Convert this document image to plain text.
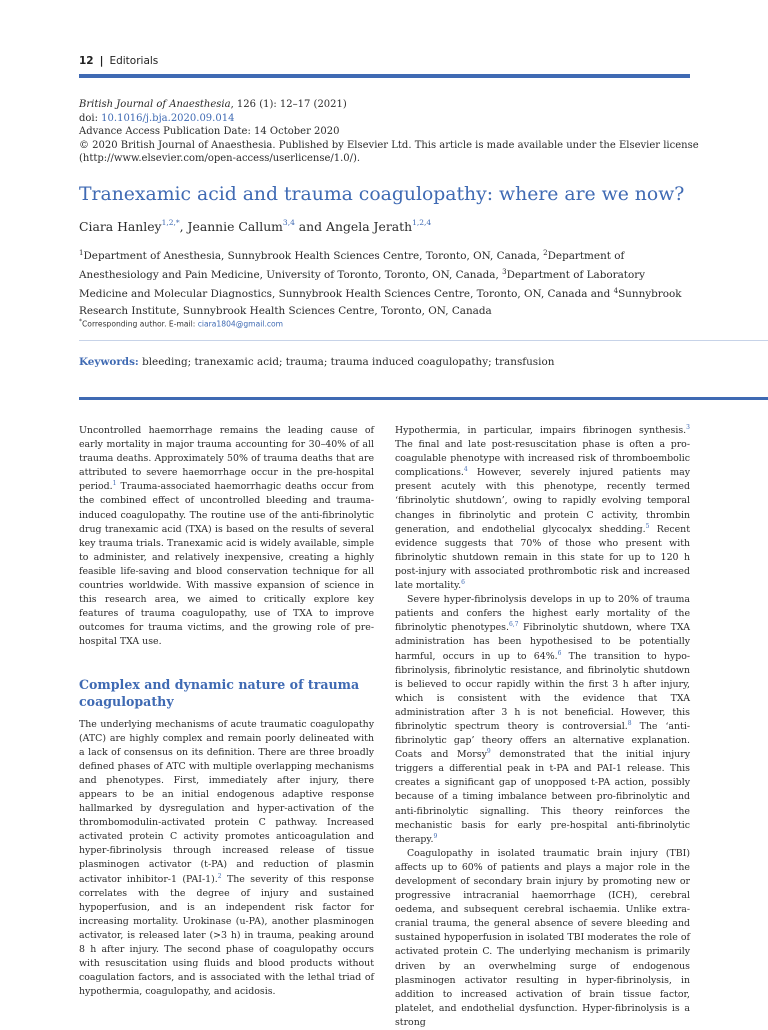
12 | Editorials
British Journal of Anaesthesia, 126 (1): 12–17 (2021)
doi: 10.1016/j.bja.2020.09.014
Advance Access Publication Date: 14 October 2020
© 2020 British Journal of Anaesthesia. Published by Elsevier Ltd. This article is made available under the Elsevier license (http://www.elsevier.com/open-access/userlicense/1.0/).
Tranexamic acid and trauma coagulopathy: where are we now?
Ciara Hanley$^{1,2,*}$, Jeannie Callum$^{3,4}$ and Angela Jerath$^{1,2,4}$
$^1$Department of Anesthesia, Sunnybrook Health Sciences Centre, Toronto, ON, Canada, $^2$Department of Anesthesiology and Pain Medicine, University of Toronto, Toronto, ON, Canada, $^3$Department of Laboratory Medicine and Molecular Diagnostics, Sunnybrook Health Sciences Centre, Toronto, ON, Canada and $^4$Sunnybrook Research Institute, Sunnybrook Health Sciences Centre, Toronto, ON, Canada
*Corresponding author. E-mail: ciara1804@gmail.com
Keywords: bleeding; tranexamic acid; trauma; trauma induced coagulopathy; transfusion

Uncontrolled haemorrhage remains the leading cause of early mortality in major trauma accounting for 30–40% of all trauma deaths. Approximately 50% of trauma deaths that are attributed to severe haemorrhage occur in the pre-hospital period.$^1$ Trauma-associated haemorrhagic deaths occur from the combined effect of uncontrolled bleeding and trauma-induced coagulopathy. The routine use of the anti-fibrinolytic drug tranexamic acid (TXA) is based on the results of several key trauma trials. Tranexamic acid is widely available, simple to administer, and relatively inexpensive, creating a highly feasible life-saving and blood conservation technique for all countries worldwide. With massive expansion of science in this research area, we aimed to critically explore key features of trauma coagulopathy, use of TXA to improve outcomes for trauma victims, and the growing role of pre-hospital TXA use.

Complex and dynamic nature of trauma coagulopathy

The underlying mechanisms of acute traumatic coagulopathy (ATC) are highly complex and remain poorly delineated with a lack of consensus on its definition. There are three broadly defined phases of ATC with multiple overlapping mechanisms and phenotypes. First, immediately after injury, there appears to be an initial endogenous adaptive response hallmarked by dysregulation and hyper-activation of the thrombomodulin-activated protein C pathway. Increased activated protein C activity promotes anticoagulation and hyper-fibrinolysis through increased release of tissue plasminogen activator (t-PA) and reduction of plasmin activator inhibitor-1 (PAI-1).$^2$ The severity of this response correlates with the degree of injury and sustained hypoperfusion, and is an independent risk factor for increasing mortality. Urokinase (u-PA), another plasminogen activator, is released later (>3 h) in trauma, peaking around 8 h after injury. The second phase of coagulopathy occurs with resuscitation using fluids and blood products without coagulation factors, and is associated with the lethal triad of hypothermia, coagulopathy, and acidosis.

Hypothermia, in particular, impairs fibrinogen synthesis.$^3$ The final and late post-resuscitation phase is often a pro-coagulable phenotype with increased risk of thromboembolic complications.$^4$ However, severely injured patients may present acutely with this phenotype, recently termed ‘fibrinolytic shutdown’, owing to rapidly evolving temporal changes in fibrinolytic and protein C activity, thrombin generation, and endothelial glycocalyx shedding.$^5$ Recent evidence suggests that 70% of those who present with fibrinolytic shutdown remain in this state for up to 120 h post-injury with associated prothrombotic risk and increased late mortality.$^6$

Severe hyper-fibrinolysis develops in up to 20% of trauma patients and confers the highest early mortality of the fibrinolytic phenotypes.$^{6,7}$ Fibrinolytic shutdown, where TXA administration has been hypothesised to be potentially harmful, occurs in up to 64%.$^6$ The transition to hypo-fibrinolysis, fibrinolytic resistance, and fibrinolytic shutdown is believed to occur rapidly within the first 3 h after injury, which is consistent with the evidence that TXA administration after 3 h is not beneficial. However, this fibrinolytic spectrum theory is controversial.$^8$ The ‘anti-fibrinolytic gap’ theory offers an alternative explanation. Coats and Morsy$^9$ demonstrated that the initial injury triggers a differential peak in t-PA and PAI-1 release. This creates a significant gap of unopposed t-PA action, possibly because of a timing imbalance between pro-fibrinolytic and anti-fibrinolytic signalling. This theory reinforces the mechanistic basis for early pre-hospital anti-fibrinolytic therapy.$^9$

Coagulopathy in isolated traumatic brain injury (TBI) affects up to 60% of patients and plays a major role in the development of secondary brain injury by promoting new or progressive intracranial haemorrhage (ICH), cerebral oedema, and subsequent cerebral ischaemia. Unlike extra-cranial trauma, the general absence of severe bleeding and sustained hypoperfusion in isolated TBI moderates the role of activated protein C. The underlying mechanism is primarily driven by an overwhelming surge of endogenous plasminogen activator resulting in hyper-fibrinolysis, in addition to increased activation of brain tissue factor, platelet, and endothelial dysfunction. Hyper-fibrinolysis is a strong
